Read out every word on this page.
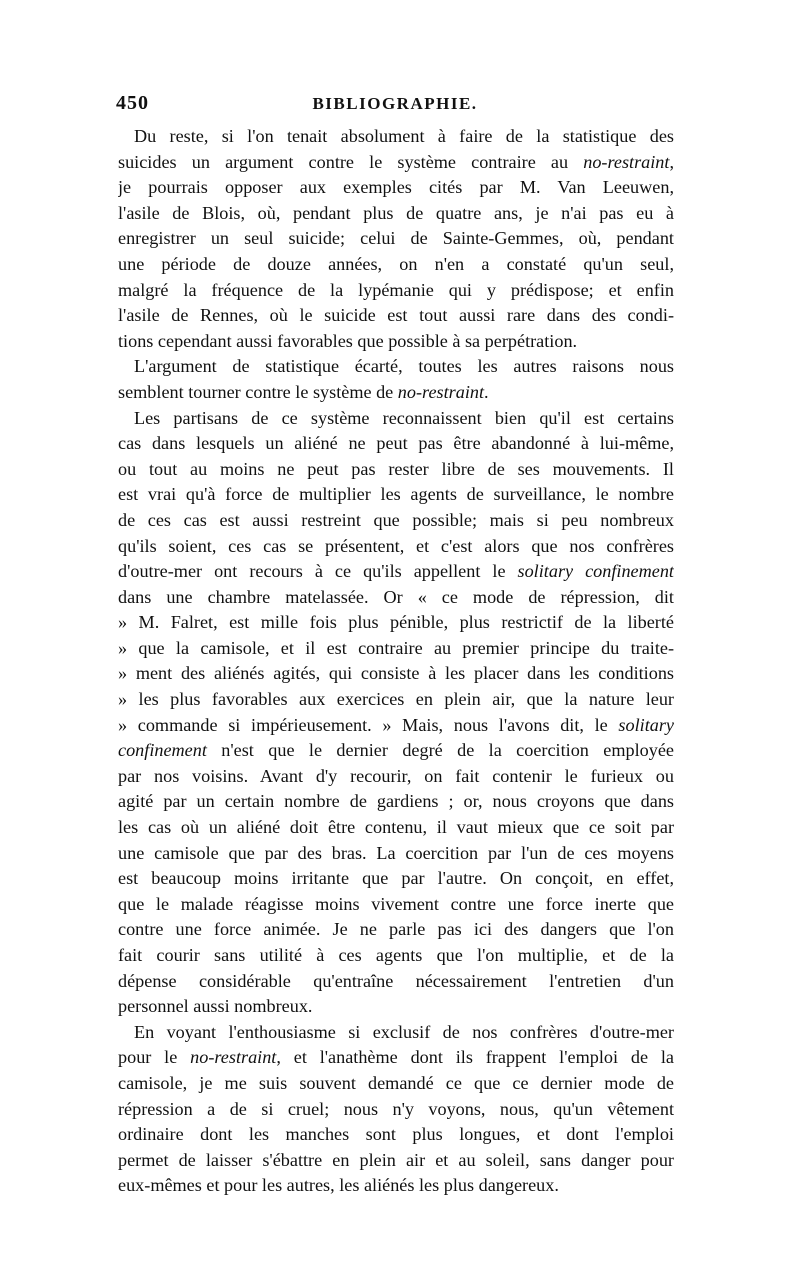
450	BIBLIOGRAPHIE.
Du reste, si l'on tenait absolument à faire de la statistique des
suicides un argument contre le système contraire au no-restraint,
je pourrais opposer aux exemples cités par M. Van Leeuwen,
l'asile de Blois, où, pendant plus de quatre ans, je n'ai pas eu à
enregistrer un seul suicide; celui de Sainte-Gemmes, où, pendant
une période de douze années, on n'en a constaté qu'un seul,
malgré la fréquence de la lypémanie qui y prédispose; et enfin
l'asile de Rennes, où le suicide est tout aussi rare dans des condi-
tions cependant aussi favorables que possible à sa perpétration.
L'argument de statistique écarté, toutes les autres raisons nous
semblent tourner contre le système de no-restraint.
Les partisans de ce système reconnaissent bien qu'il est certains
cas dans lesquels un aliéné ne peut pas être abandonné à lui-même,
ou tout au moins ne peut pas rester libre de ses mouvements. Il
est vrai qu'à force de multiplier les agents de surveillance, le nombre
de ces cas est aussi restreint que possible; mais si peu nombreux
qu'ils soient, ces cas se présentent, et c'est alors que nos confrères
d'outre-mer ont recours à ce qu'ils appellent le solitary confinement
dans une chambre matelassée. Or « ce mode de répression, dit
» M. Falret, est mille fois plus pénible, plus restrictif de la liberté
» que la camisole, et il est contraire au premier principe du traite-
» ment des aliénés agités, qui consiste à les placer dans les conditions
» les plus favorables aux exercices en plein air, que la nature leur
» commande si impérieusement. » Mais, nous l'avons dit, le solitary
confinement n'est que le dernier degré de la coercition employée
par nos voisins. Avant d'y recourir, on fait contenir le furieux ou
agité par un certain nombre de gardiens ; or, nous croyons que dans
les cas où un aliéné doit être contenu, il vaut mieux que ce soit par
une camisole que par des bras. La coercition par l'un de ces moyens
est beaucoup moins irritante que par l'autre. On conçoit, en effet,
que le malade réagisse moins vivement contre une force inerte que
contre une force animée. Je ne parle pas ici des dangers que l'on
fait courir sans utilité à ces agents que l'on multiplie, et de la
dépense considérable qu'entraîne nécessairement l'entretien d'un
personnel aussi nombreux.
En voyant l'enthousiasme si exclusif de nos confrères d'outre-mer
pour le no-restraint, et l'anathème dont ils frappent l'emploi de la
camisole, je me suis souvent demandé ce que ce dernier mode de
répression a de si cruel; nous n'y voyons, nous, qu'un vêtement
ordinaire dont les manches sont plus longues, et dont l'emploi
permet de laisser s'ébattre en plein air et au soleil, sans danger pour
eux-mêmes et pour les autres, les aliénés les plus dangereux.
